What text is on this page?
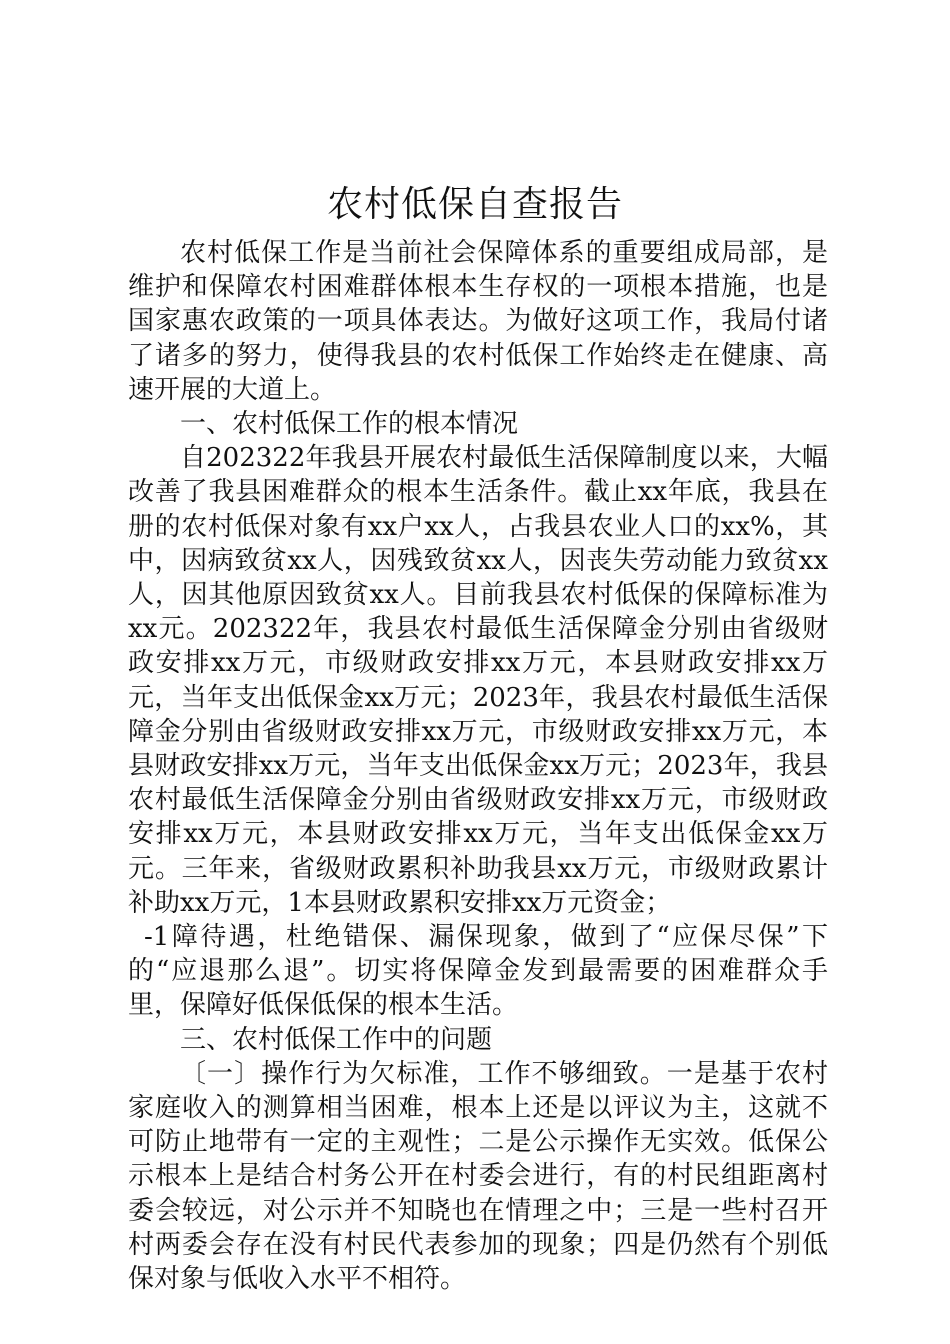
农村低保自查报告

农村低保工作是当前社会保障体系的重要组成局部，是维护和保障农村困难群体根本生存权的一项根本措施，也是国家惠农政策的一项具体表达。为做好这项工作，我局付诸了诸多的努力，使得我县的农村低保工作始终走在健康、高速开展的大道上。

一、农村低保工作的根本情况

自202322年我县开展农村最低生活保障制度以来，大幅改善了我县困难群众的根本生活条件。截止xx年底，我县在册的农村低保对象有xx户xx人，占我县农业人口的xx%，其中，因病致贫xx人，因残致贫xx人，因丧失劳动能力致贫xx人，因其他原因致贫xx人。目前我县农村低保的保障标准为xx元。202322年，我县农村最低生活保障金分别由省级财政安排xx万元，市级财政安排xx万元，本县财政安排xx万元，当年支出低保金xx万元；2023年，我县农村最低生活保障金分别由省级财政安排xx万元，市级财政安排xx万元，本县财政安排xx万元，当年支出低保金xx万元；2023年，我县农村最低生活保障金分别由省级财政安排xx万元，市级财政安排xx万元，本县财政安排xx万元，当年支出低保金xx万元。三年来，省级财政累积补助我县xx万元，市级财政累计补助xx万元，1本县财政累积安排xx万元资金；

-1障待遇，杜绝错保、漏保现象，做到了“应保尽保”下的“应退那么退”。切实将保障金发到最需要的困难群众手里，保障好低保低保的根本生活。

三、农村低保工作中的问题

〔一〕操作行为欠标准，工作不够细致。一是基于农村家庭收入的测算相当困难，根本上还是以评议为主，这就不可防止地带有一定的主观性；二是公示操作无实效。低保公示根本上是结合村务公开在村委会进行，有的村民组距离村委会较远，对公示并不知晓也在情理之中；三是一些村召开村两委会存在没有村民代表参加的现象；四是仍然有个别低保对象与低收入水平不相符。
